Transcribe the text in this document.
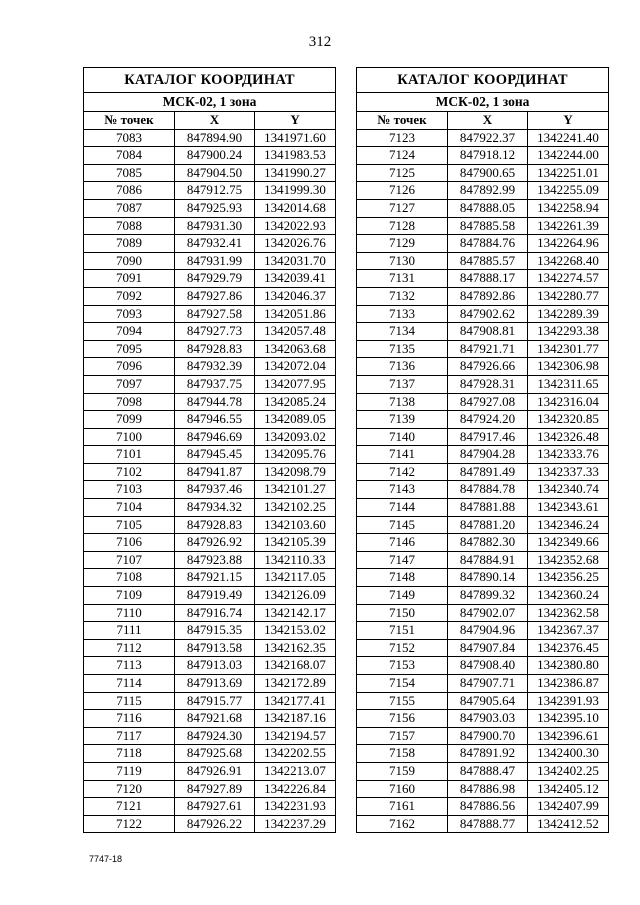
312
КАТАЛОГ КООРДИНАТ		
МСК-02, 1 зона		
№ точек	X	Y
7083	847894.90	1341971.60
7084	847900.24	1341983.53
7085	847904.50	1341990.27
7086	847912.75	1341999.30
7087	847925.93	1342014.68
7088	847931.30	1342022.93
7089	847932.41	1342026.76
7090	847931.99	1342031.70
7091	847929.79	1342039.41
7092	847927.86	1342046.37
7093	847927.58	1342051.86
7094	847927.73	1342057.48
7095	847928.83	1342063.68
7096	847932.39	1342072.04
7097	847937.75	1342077.95
7098	847944.78	1342085.24
7099	847946.55	1342089.05
7100	847946.69	1342093.02
7101	847945.45	1342095.76
7102	847941.87	1342098.79
7103	847937.46	1342101.27
7104	847934.32	1342102.25
7105	847928.83	1342103.60
7106	847926.92	1342105.39
7107	847923.88	1342110.33
7108	847921.15	1342117.05
7109	847919.49	1342126.09
7110	847916.74	1342142.17
7111	847915.35	1342153.02
7112	847913.58	1342162.35
7113	847913.03	1342168.07
7114	847913.69	1342172.89
7115	847915.77	1342177.41
7116	847921.68	1342187.16
7117	847924.30	1342194.57
7118	847925.68	1342202.55
7119	847926.91	1342213.07
7120	847927.89	1342226.84
7121	847927.61	1342231.93
7122	847926.22	1342237.29
КАТАЛОГ КООРДИНАТ		
МСК-02, 1 зона		
№ точек	X	Y
7123	847922.37	1342241.40
7124	847918.12	1342244.00
7125	847900.65	1342251.01
7126	847892.99	1342255.09
7127	847888.05	1342258.94
7128	847885.58	1342261.39
7129	847884.76	1342264.96
7130	847885.57	1342268.40
7131	847888.17	1342274.57
7132	847892.86	1342280.77
7133	847902.62	1342289.39
7134	847908.81	1342293.38
7135	847921.71	1342301.77
7136	847926.66	1342306.98
7137	847928.31	1342311.65
7138	847927.08	1342316.04
7139	847924.20	1342320.85
7140	847917.46	1342326.48
7141	847904.28	1342333.76
7142	847891.49	1342337.33
7143	847884.78	1342340.74
7144	847881.88	1342343.61
7145	847881.20	1342346.24
7146	847882.30	1342349.66
7147	847884.91	1342352.68
7148	847890.14	1342356.25
7149	847899.32	1342360.24
7150	847902.07	1342362.58
7151	847904.96	1342367.37
7152	847907.84	1342376.45
7153	847908.40	1342380.80
7154	847907.71	1342386.87
7155	847905.64	1342391.93
7156	847903.03	1342395.10
7157	847900.70	1342396.61
7158	847891.92	1342400.30
7159	847888.47	1342402.25
7160	847886.98	1342405.12
7161	847886.56	1342407.99
7162	847888.77	1342412.52
7747-18
